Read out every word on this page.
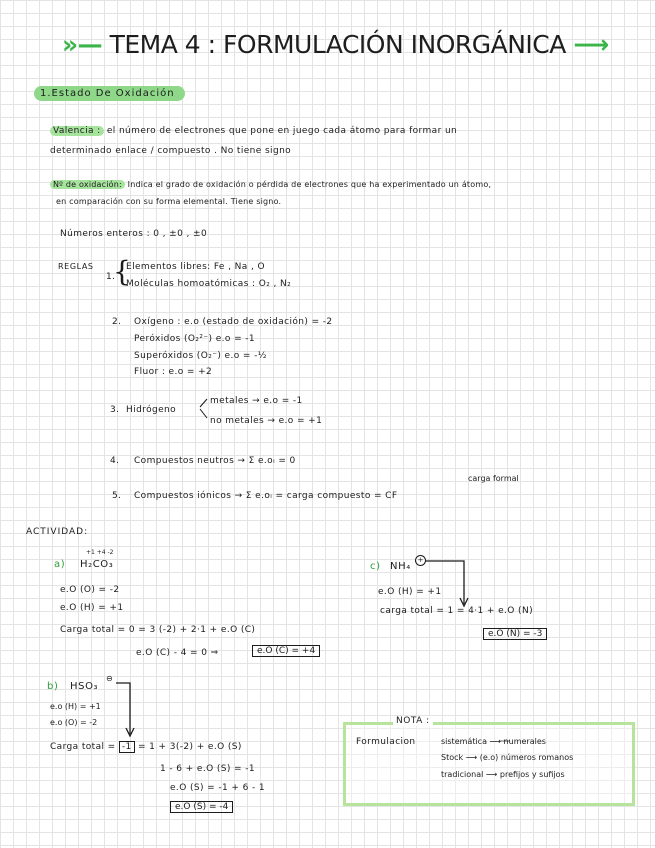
»— TEMA 4 : FORMULACIÓN INORGÁNICA ⟶
1.Estado De Oxidación
Valencia : el número de electrones que pone en juego cada átomo para formar un
determinado enlace / compuesto . No tiene signo
Nº de oxidación: Indica el grado de oxidación o pérdida de electrones que ha experimentado un átomo,
en comparación con su forma elemental. Tiene signo.
Números enteros : 0 , ±0 , ±0
REGLAS
1.
{
Elementos libres: Fe , Na , O
Moléculas homoatómicas : O₂ , N₂
2. Oxígeno : e.o (estado de oxidación) = -2
Peróxidos (O₂²⁻) e.o = -1
Superóxidos (O₂⁻) e.o = -½
Fluor : e.o = +2
3. Hidrógeno
metales → e.o = -1
no metales → e.o = +1
4. Compuestos neutros → Σ e.oᵢ = 0
carga formal
5. Compuestos iónicos → Σ e.oᵢ = carga compuesto = CF
ACTIVIDAD:
+1 +4 -2
a) H₂CO₃
e.O (O) = -2
e.O (H) = +1
Carga total = 0 = 3 (-2) + 2·1 + e.O (C)
e.O (C) - 4 = 0 ⇒	e.O (C) = +4
c) NH₄
+
e.O (H) = +1
carga total = 1 = 4·1 + e.O (N)
e.O (N) = -3
b) HSO₃
⊖
e.o (H) = +1
e.o (O) = -2
Carga total = -1 = 1 + 3(-2) + e.O (S)
1 - 6 + e.O (S) = -1
e.O (S) = -1 + 6 - 1
e.O (S) = -4
NOTA :
Formulacion	sistemática ⟶ numerales
Stock ⟶ (e.o) números romanos
tradicional ⟶ prefijos y sufijos
